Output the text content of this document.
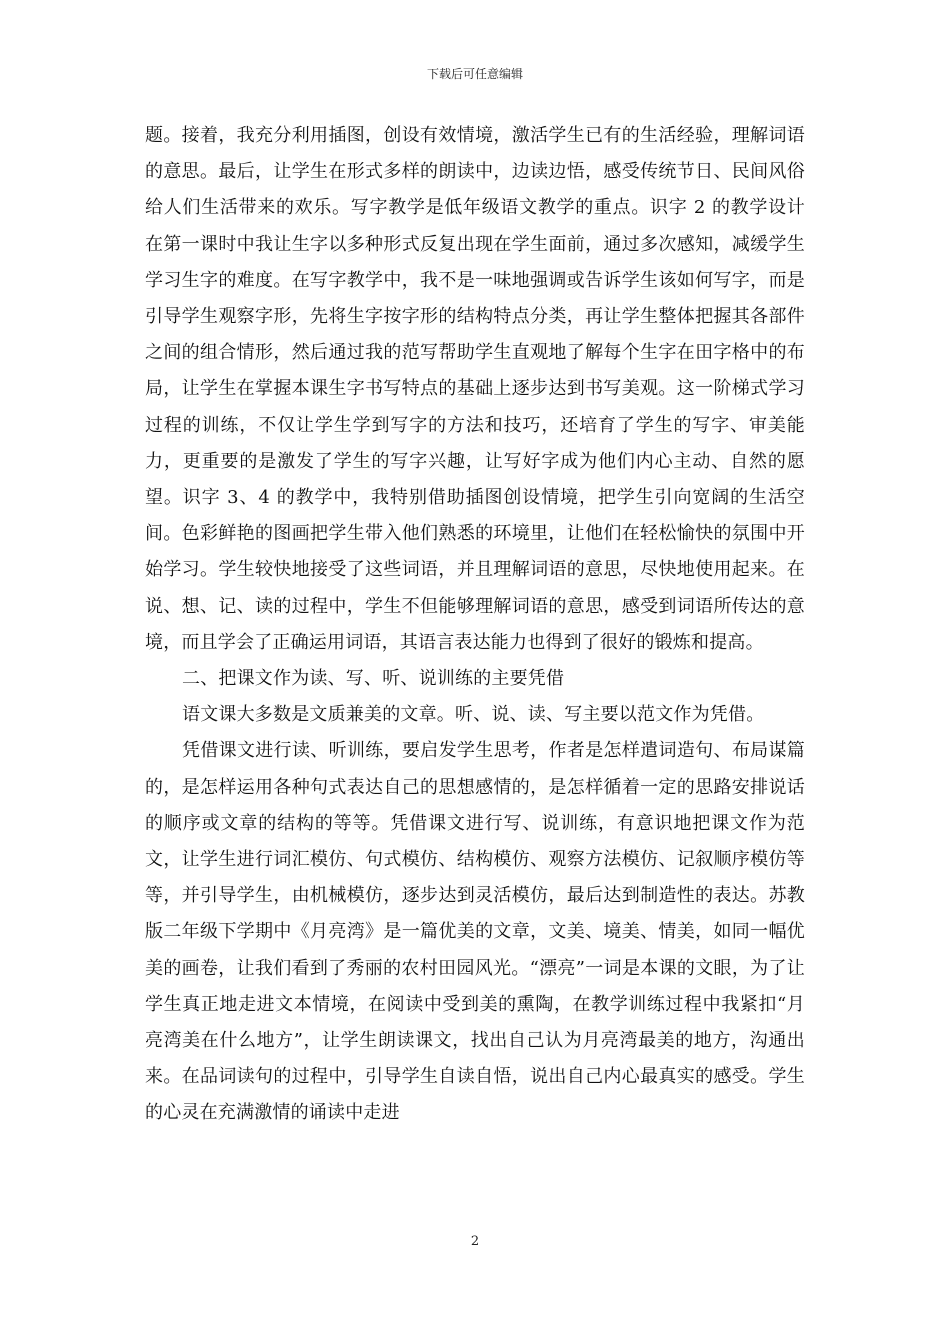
下载后可任意编辑

题。接着，我充分利用插图，创设有效情境，激活学生已有的生活经验，理解词语的意思。最后，让学生在形式多样的朗读中，边读边悟，感受传统节日、民间风俗给人们生活带来的欢乐。写字教学是低年级语文教学的重点。识字 2 的教学设计在第一课时中我让生字以多种形式反复出现在学生面前，通过多次感知，减缓学生学习生字的难度。在写字教学中，我不是一味地强调或告诉学生该如何写字，而是引导学生观察字形，先将生字按字形的结构特点分类，再让学生整体把握其各部件之间的组合情形，然后通过我的范写帮助学生直观地了解每个生字在田字格中的布局，让学生在掌握本课生字书写特点的基础上逐步达到书写美观。这一阶梯式学习过程的训练，不仅让学生学到写字的方法和技巧，还培育了学生的写字、审美能力，更重要的是激发了学生的写字兴趣，让写好字成为他们内心主动、自然的愿望。识字 3、4 的教学中，我特别借助插图创设情境，把学生引向宽阔的生活空间。色彩鲜艳的图画把学生带入他们熟悉的环境里，让他们在轻松愉快的氛围中开始学习。学生较快地接受了这些词语，并且理解词语的意思，尽快地使用起来。在说、想、记、读的过程中，学生不但能够理解词语的意思，感受到词语所传达的意境，而且学会了正确运用词语，其语言表达能力也得到了很好的锻炼和提高。

二、把课文作为读、写、听、说训练的主要凭借

语文课大多数是文质兼美的文章。听、说、读、写主要以范文作为凭借。

凭借课文进行读、听训练，要启发学生思考，作者是怎样遣词造句、布局谋篇的，是怎样运用各种句式表达自己的思想感情的，是怎样循着一定的思路安排说话的顺序或文章的结构的等等。凭借课文进行写、说训练，有意识地把课文作为范文，让学生进行词汇模仿、句式模仿、结构模仿、观察方法模仿、记叙顺序模仿等等，并引导学生，由机械模仿，逐步达到灵活模仿，最后达到制造性的表达。苏教版二年级下学期中《月亮湾》是一篇优美的文章，文美、境美、情美，如同一幅优美的画卷，让我们看到了秀丽的农村田园风光。“漂亮”一词是本课的文眼，为了让学生真正地走进文本情境，在阅读中受到美的熏陶，在教学训练过程中我紧扣“月亮湾美在什么地方”，让学生朗读课文，找出自己认为月亮湾最美的地方，沟通出来。在品词读句的过程中，引导学生自读自悟，说出自己内心最真实的感受。学生的心灵在充满激情的诵读中走进

2
